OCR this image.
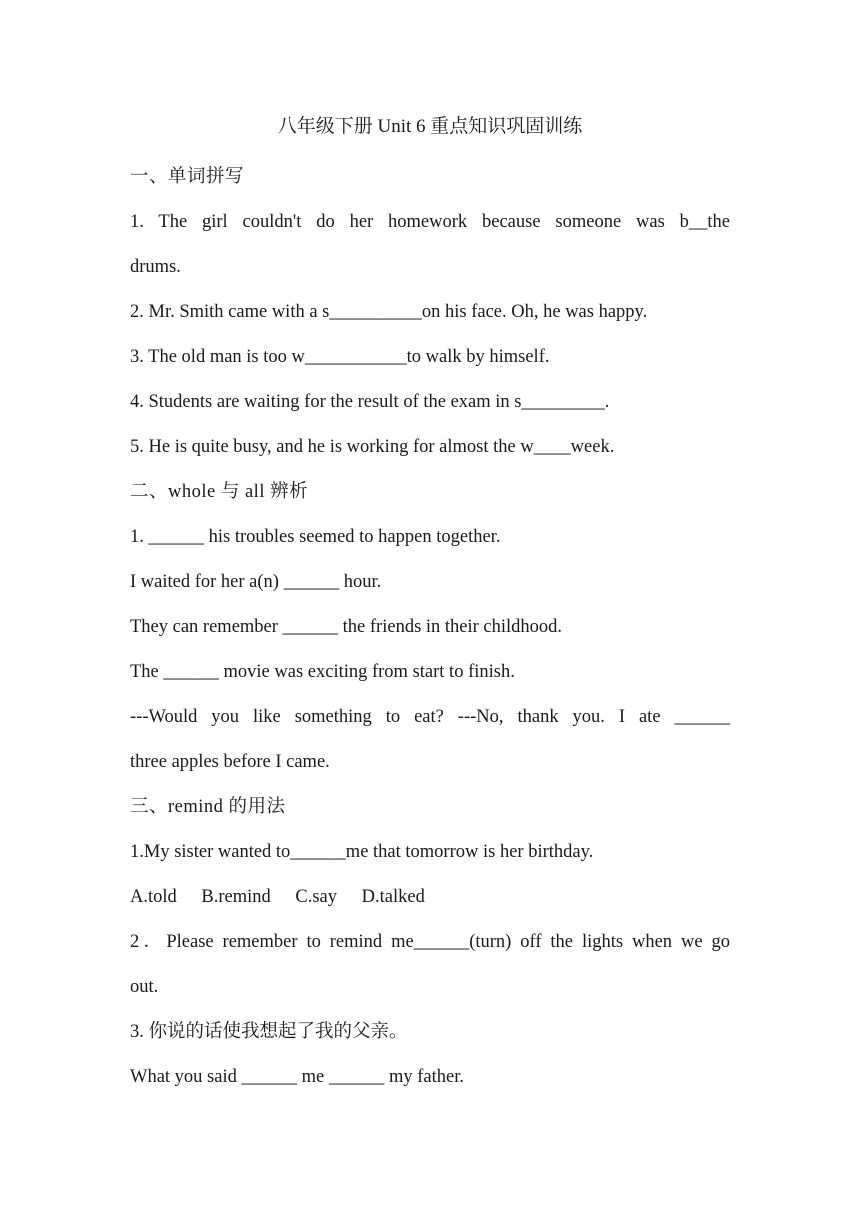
八年级下册 Unit 6 重点知识巩固训练
一、单词拼写
1. The girl couldn't do her homework because someone was b__the
drums.
2. Mr. Smith came with a s__________on his face. Oh, he was happy.
3. The old man is too w___________to walk by himself.
4. Students are waiting for the result of the exam in s_________.
5. He is quite busy, and he is working for almost the w____week.
二、whole 与 all 辨析
1. ______ his troubles seemed to happen together.
I waited for her a(n) ______ hour.
They can remember ______ the friends in their childhood.
The ______ movie was exciting from start to finish.
---Would you like something to eat? ---No, thank you. I ate ______
three apples before I came.
三、remind 的用法
1.My sister wanted to______me that tomorrow is her birthday.
A.told B.remind C.say D.talked
2．Please remember to remind me______(turn) off the lights when we go
out.
3. 你说的话使我想起了我的父亲。
What you said ______ me ______ my father.
